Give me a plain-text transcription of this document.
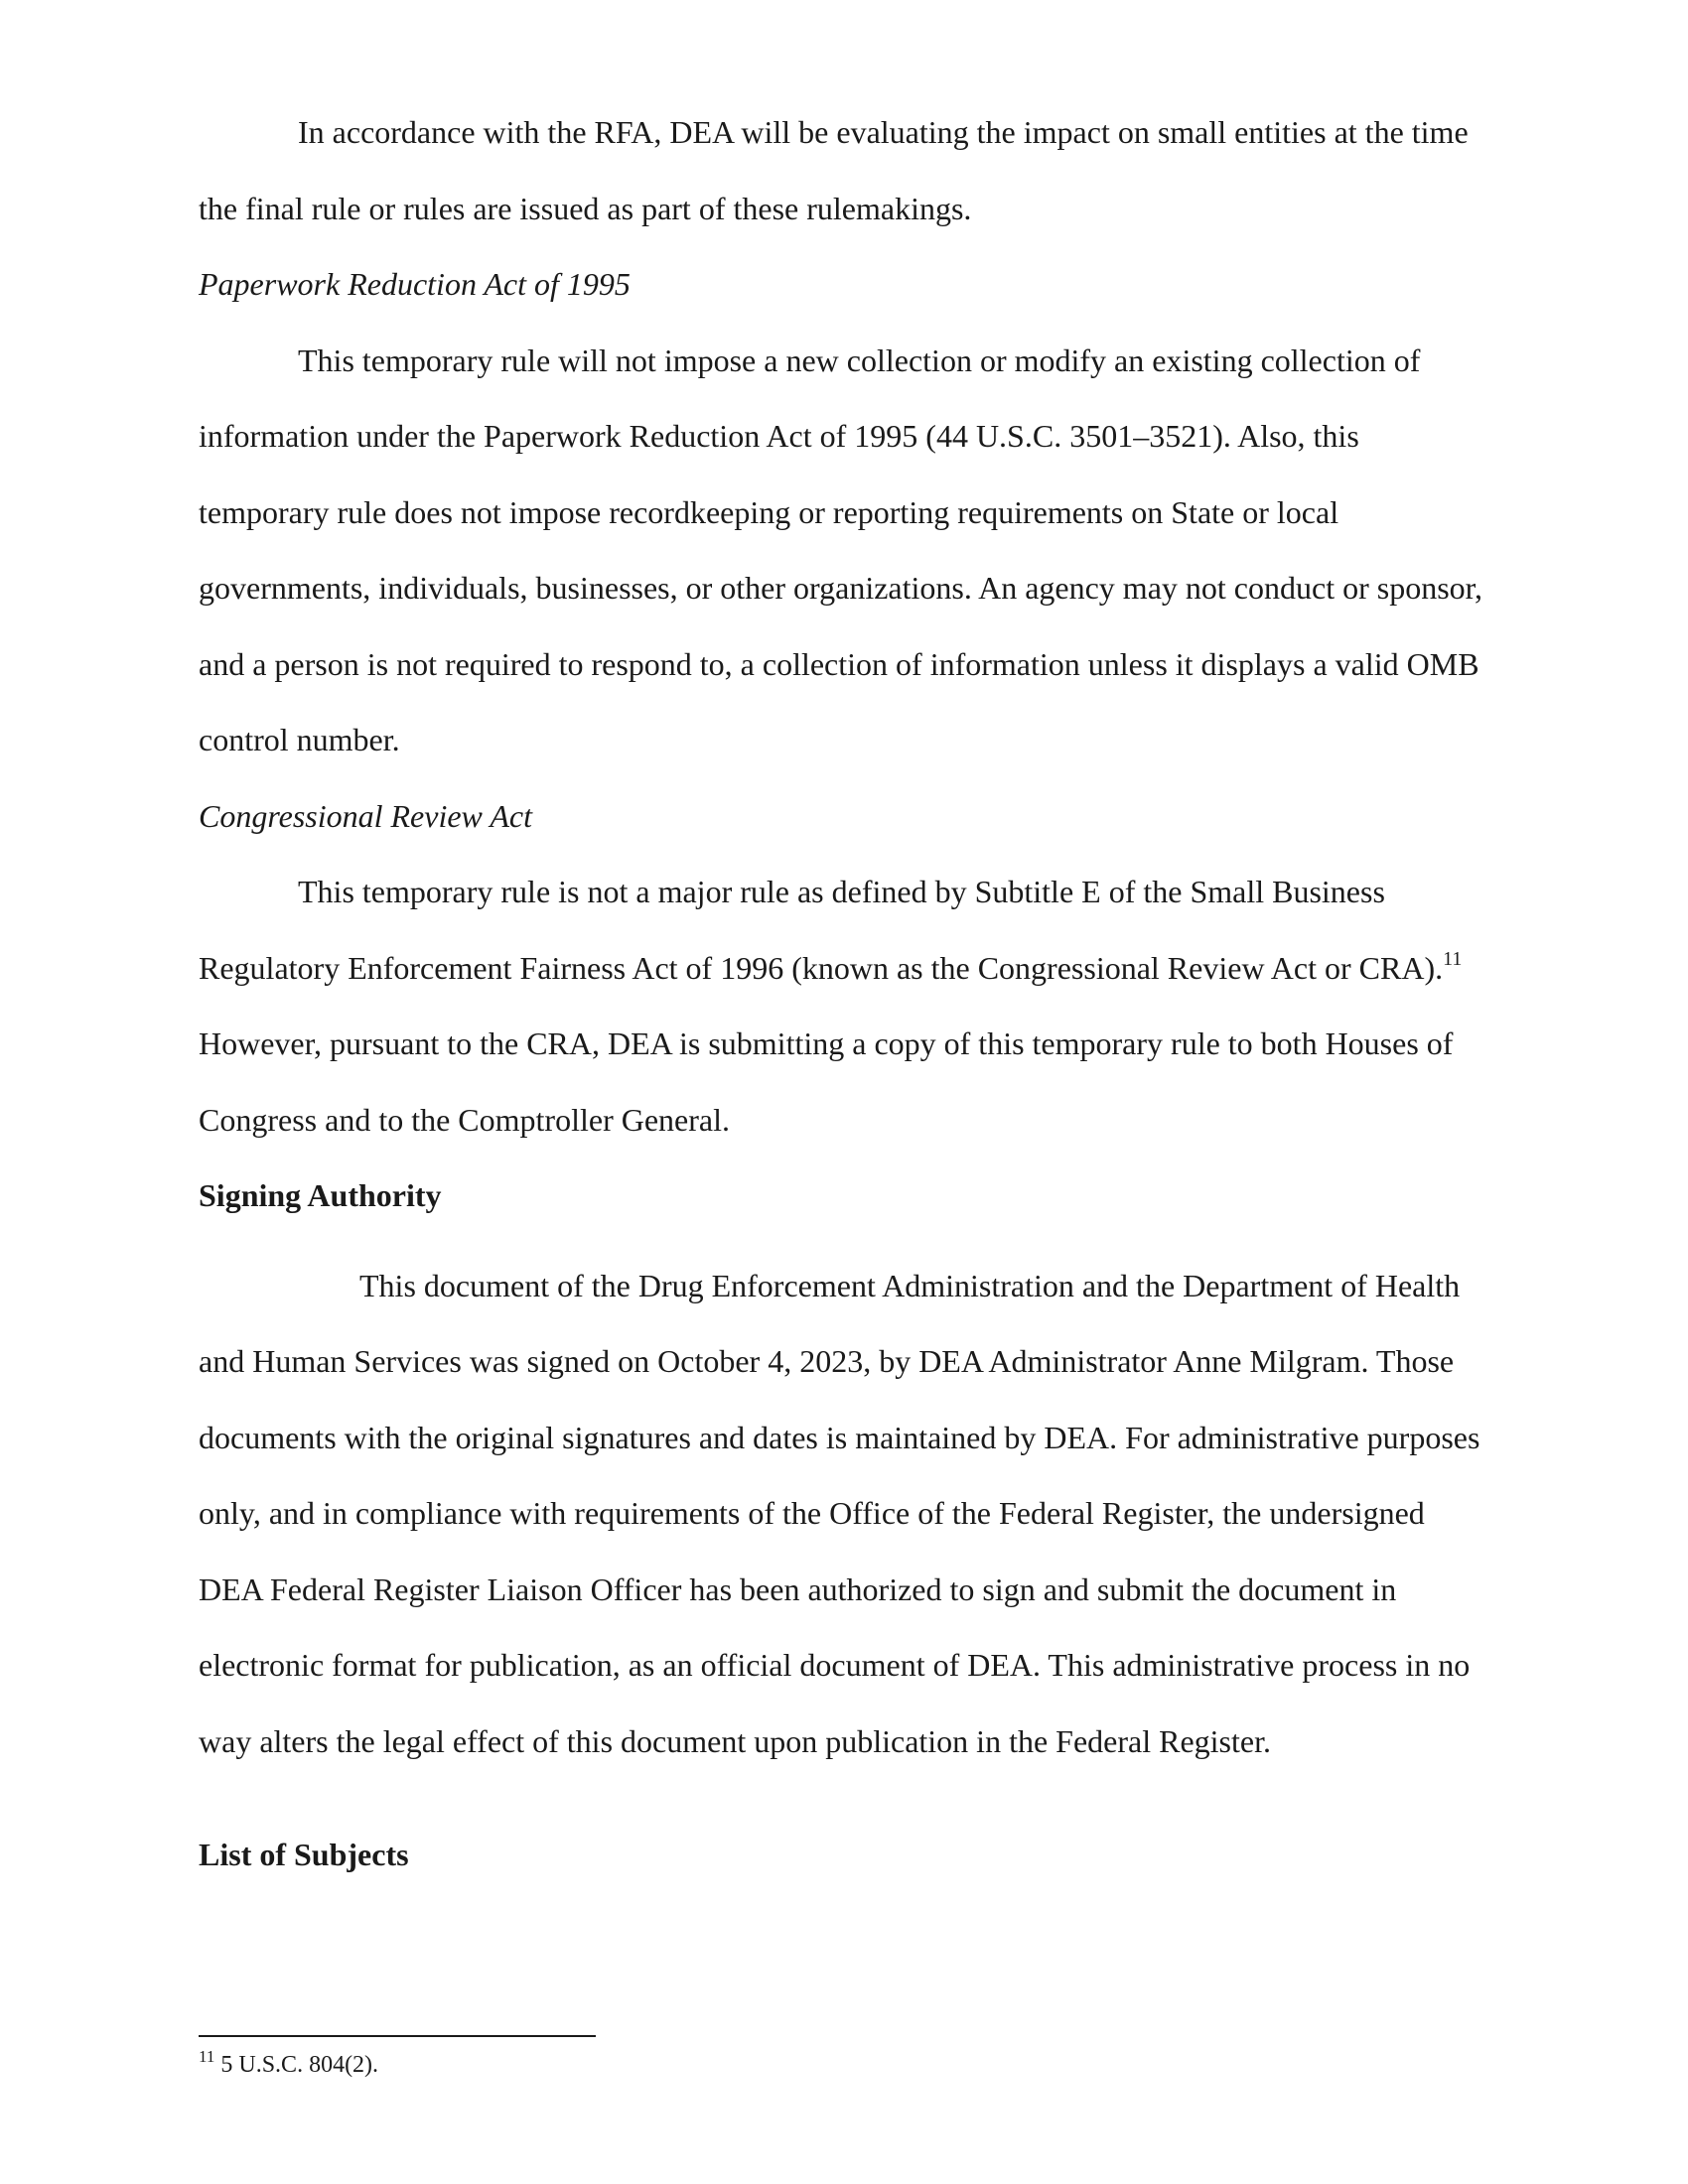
In accordance with the RFA, DEA will be evaluating the impact on small entities at the time the final rule or rules are issued as part of these rulemakings.

Paperwork Reduction Act of 1995

This temporary rule will not impose a new collection or modify an existing collection of information under the Paperwork Reduction Act of 1995 (44 U.S.C. 3501–3521). Also, this temporary rule does not impose recordkeeping or reporting requirements on State or local governments, individuals, businesses, or other organizations. An agency may not conduct or sponsor, and a person is not required to respond to, a collection of information unless it displays a valid OMB control number.

Congressional Review Act

This temporary rule is not a major rule as defined by Subtitle E of the Small Business Regulatory Enforcement Fairness Act of 1996 (known as the Congressional Review Act or CRA).$^{11}$  However, pursuant to the CRA, DEA is submitting a copy of this temporary rule to both Houses of Congress and to the Comptroller General.

Signing Authority

This document of the Drug Enforcement Administration and the Department of Health and Human Services was signed on October 4, 2023, by DEA Administrator Anne Milgram. Those documents with the original signatures and dates is maintained by DEA. For administrative purposes only, and in compliance with requirements of the Office of the Federal Register, the undersigned DEA Federal Register Liaison Officer has been authorized to sign and submit the document in electronic format for publication, as an official document of DEA. This administrative process in no way alters the legal effect of this document upon publication in the Federal Register.

List of Subjects

$^{11}$ 5 U.S.C. 804(2).
